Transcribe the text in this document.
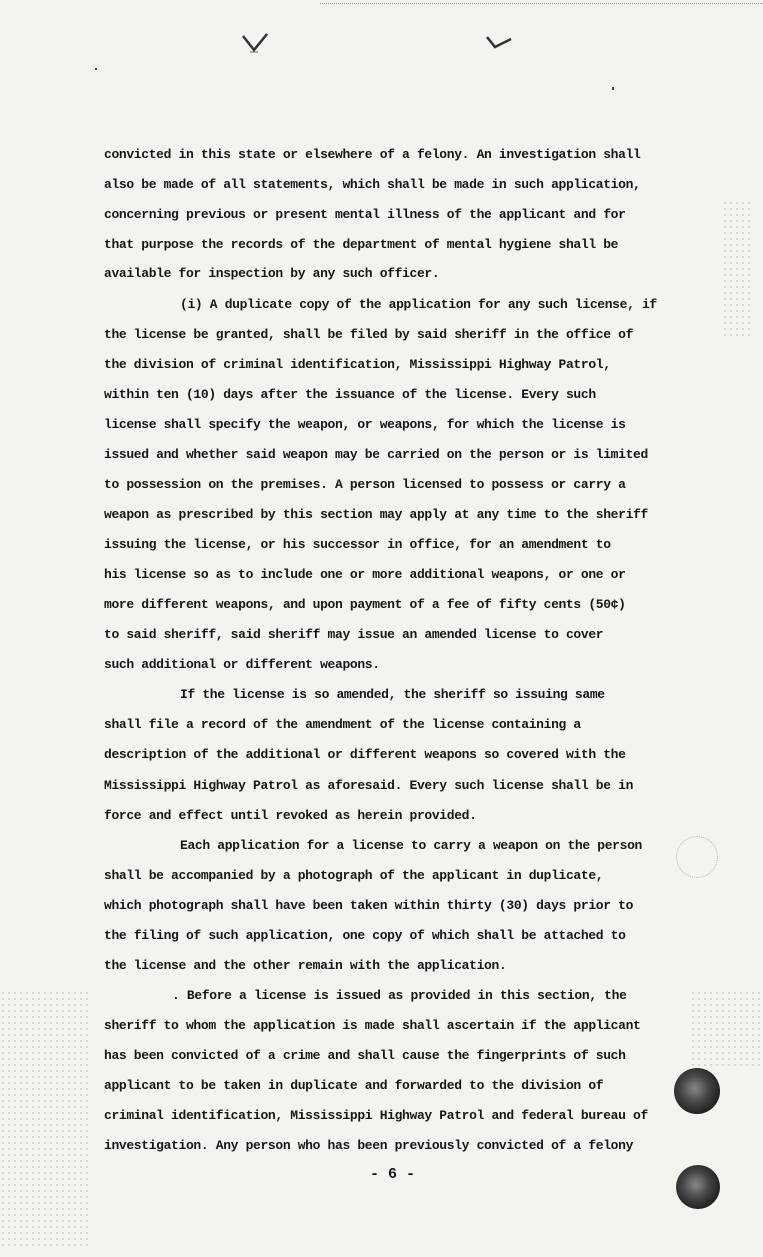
convicted in this state or elsewhere of a felony. An investigation shall
also be made of all statements, which shall be made in such application,
concerning previous or present mental illness of the applicant and for
that purpose the records of the department of mental hygiene shall be
available for inspection by any such officer.
(i) A duplicate copy of the application for any such license, if
the license be granted, shall be filed by said sheriff in the office of
the division of criminal identification, Mississippi Highway Patrol,
within ten (10) days after the issuance of the license. Every such
license shall specify the weapon, or weapons, for which the license is
issued and whether said weapon may be carried on the person or is limited
to possession on the premises. A person licensed to possess or carry a
weapon as prescribed by this section may apply at any time to the sheriff
issuing the license, or his successor in office, for an amendment to
his license so as to include one or more additional weapons, or one or
more different weapons, and upon payment of a fee of fifty cents (50¢)
to said sheriff, said sheriff may issue an amended license to cover
such additional or different weapons.
If the license is so amended, the sheriff so issuing same
shall file a record of the amendment of the license containing a
description of the additional or different weapons so covered with the
Mississippi Highway Patrol as aforesaid. Every such license shall be in
force and effect until revoked as herein provided.
Each application for a license to carry a weapon on the person
shall be accompanied by a photograph of the applicant in duplicate,
which photograph shall have been taken within thirty (30) days prior to
the filing of such application, one copy of which shall be attached to
the license and the other remain with the application.
. Before a license is issued as provided in this section, the
sheriff to whom the application is made shall ascertain if the applicant
has been convicted of a crime and shall cause the fingerprints of such
applicant to be taken in duplicate and forwarded to the division of
criminal identification, Mississippi Highway Patrol and federal bureau of
investigation. Any person who has been previously convicted of a felony
- 6 -
